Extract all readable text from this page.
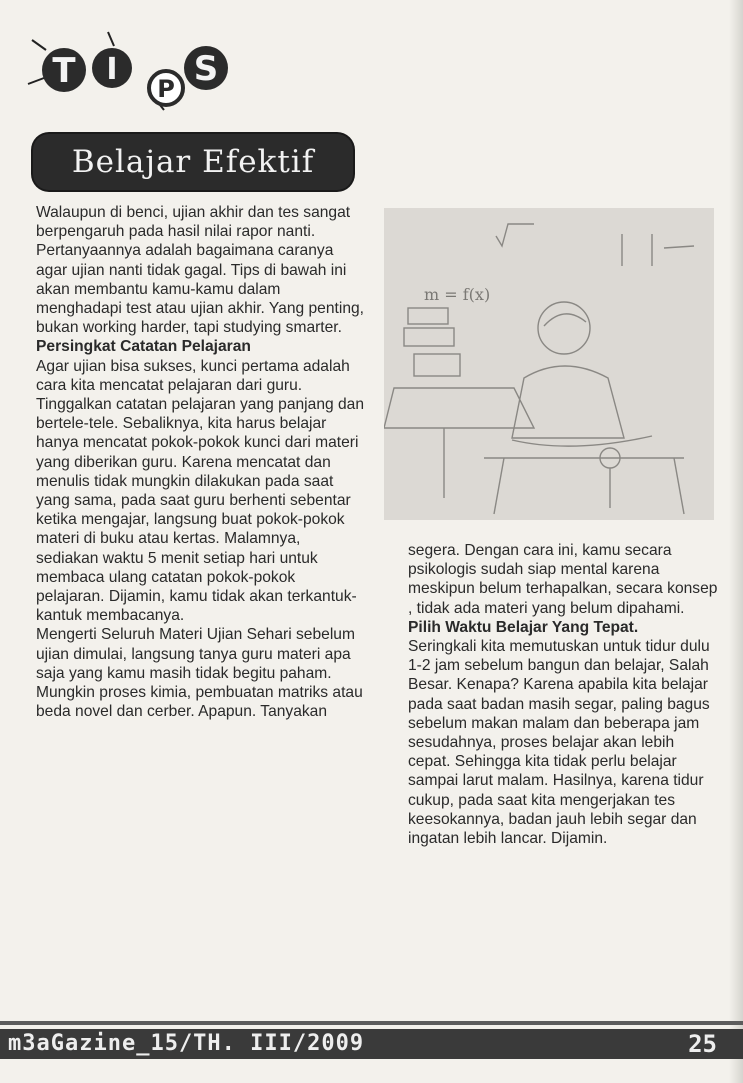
T I
P S
Belajar Efektif
m = f(x)

Walaupun di benci, ujian akhir dan tes sangat berpengaruh pada hasil nilai rapor nanti. Pertanyaannya adalah bagaimana caranya agar ujian nanti tidak gagal. Tips di bawah ini akan membantu kamu-kamu dalam menghadapi test atau ujian akhir. Yang penting, bukan working harder, tapi studying smarter.

Persingkat Catatan Pelajaran

Agar ujian bisa sukses, kunci pertama adalah cara kita mencatat pelajaran dari guru. Tinggalkan catatan pelajaran yang panjang dan bertele-tele. Sebaliknya, kita harus belajar hanya mencatat pokok-pokok kunci dari materi yang diberikan guru. Karena mencatat dan menulis tidak mungkin dilakukan pada saat yang sama, pada saat guru berhenti sebentar ketika mengajar, langsung buat pokok-pokok materi di buku atau kertas. Malamnya, sediakan waktu 5 menit setiap hari untuk membaca ulang catatan pokok-pokok pelajaran. Dijamin, kamu tidak akan terkantuk-kantuk membacanya.

Mengerti Seluruh Materi Ujian Sehari sebelum ujian dimulai, langsung tanya guru materi apa saja yang kamu masih tidak begitu paham. Mungkin proses kimia, pembuatan matriks atau beda novel dan cerber. Apapun. Tanyakan

segera. Dengan cara ini, kamu secara psikologis sudah siap mental karena meskipun belum terhapalkan, secara konsep , tidak ada materi yang belum dipahami.

Pilih Waktu Belajar Yang Tepat.

Seringkali kita memutuskan untuk tidur dulu 1-2 jam sebelum bangun dan belajar, Salah Besar. Kenapa? Karena apabila kita belajar pada saat badan masih segar, paling bagus sebelum makan malam dan beberapa jam sesudahnya, proses belajar akan lebih cepat. Sehingga kita tidak perlu belajar sampai larut malam. Hasilnya, karena tidur cukup, pada saat kita mengerjakan tes keesokannya, badan jauh lebih segar dan ingatan lebih lancar. Dijamin.

m3aGazine_15/TH. III/2009	25
